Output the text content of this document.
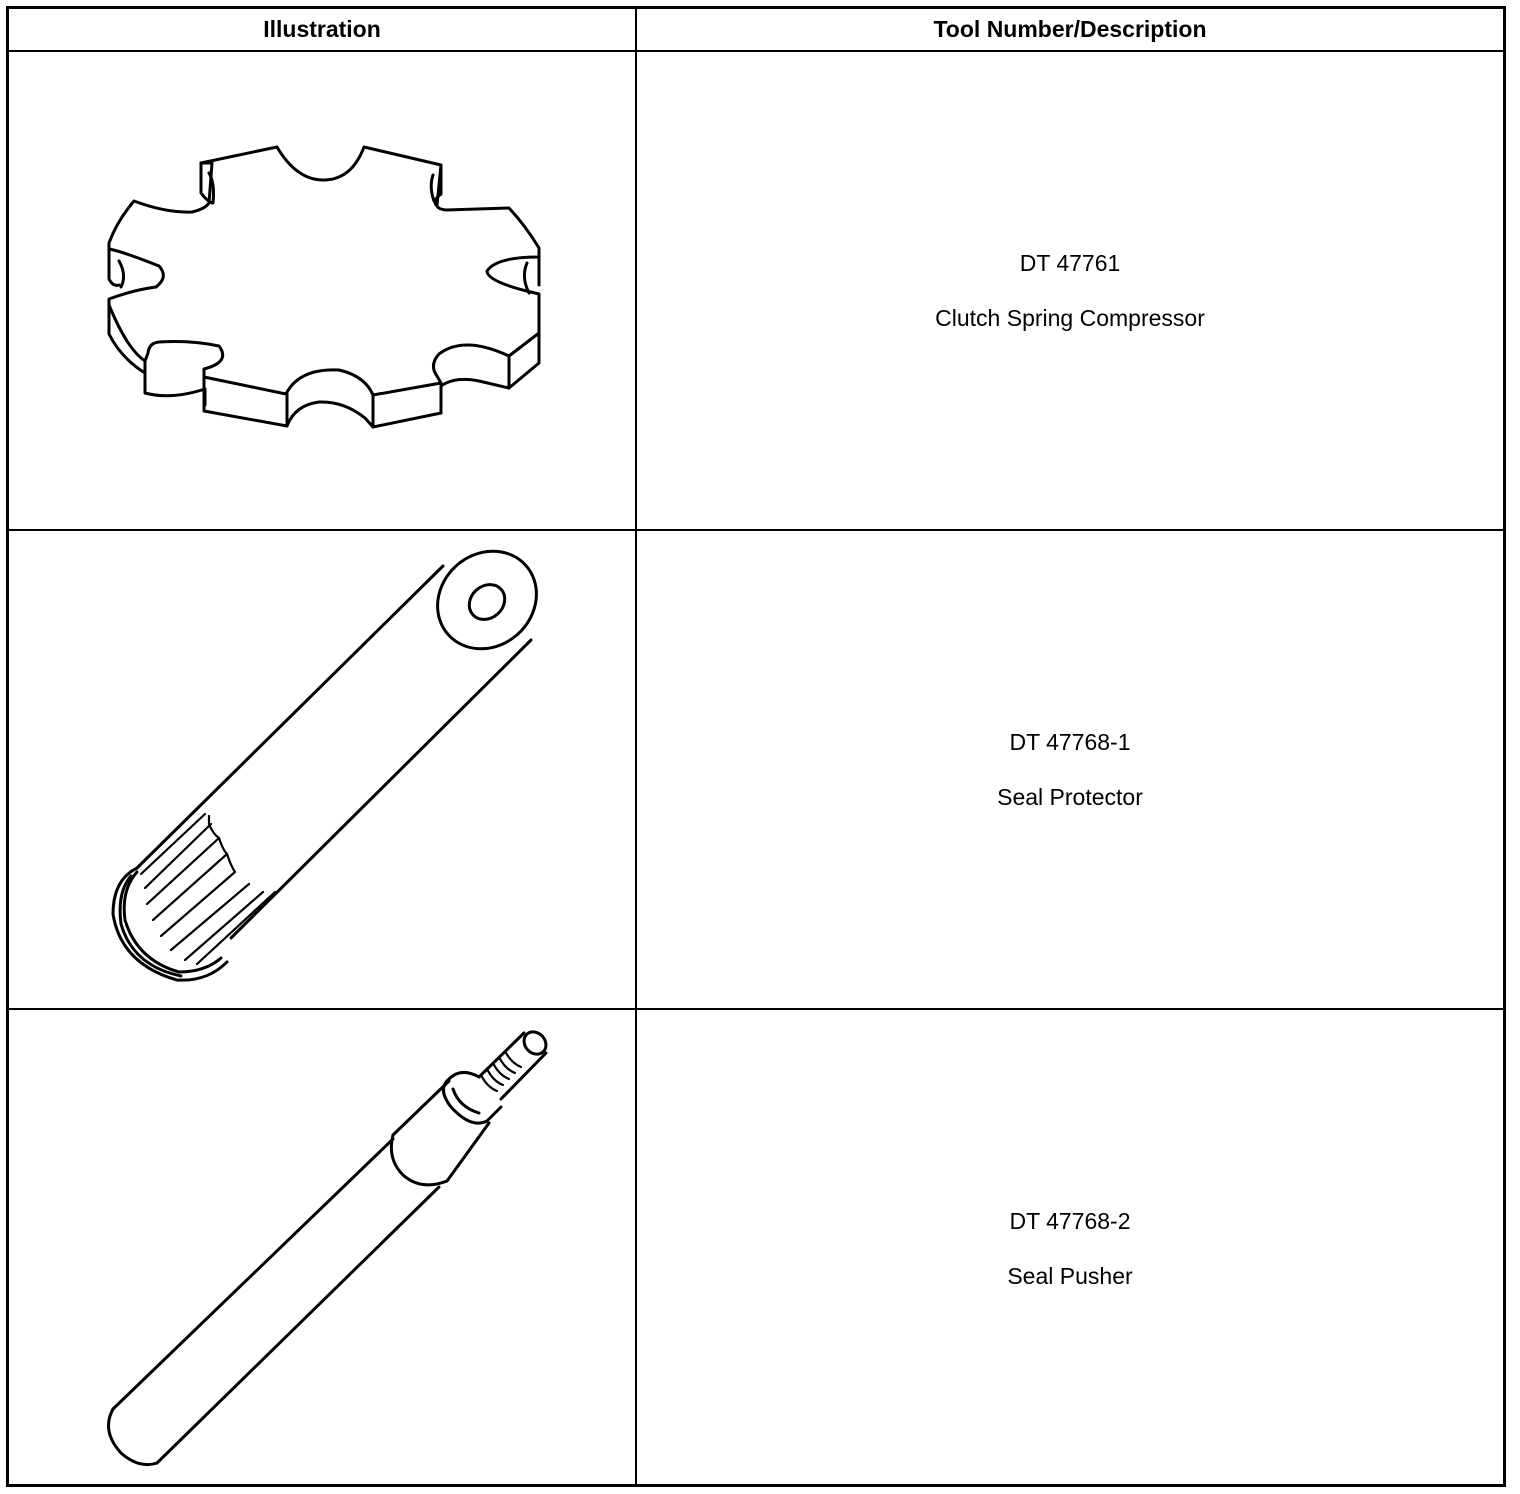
Illustration	Tool Number/Description

DT 47761
Clutch Spring Compressor

DT 47768-1
Seal Protector

DT 47768-2
Seal Pusher
